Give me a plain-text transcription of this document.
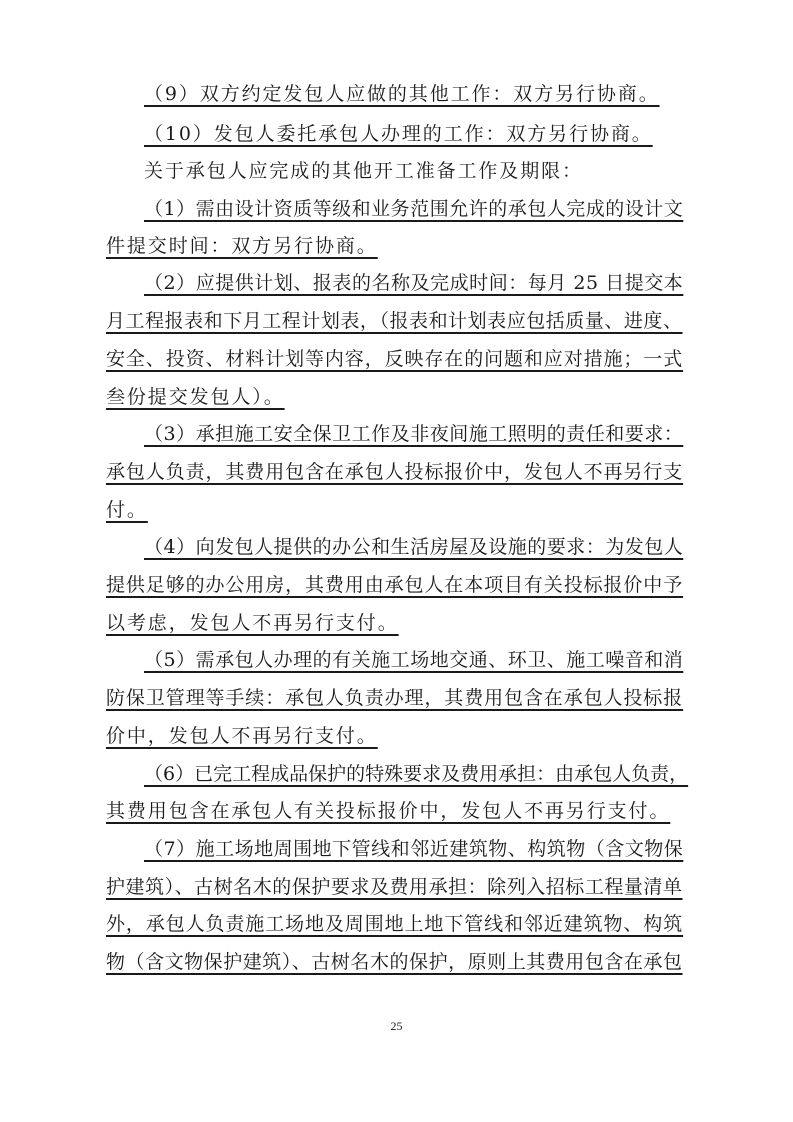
（9）双方约定发包人应做的其他工作：双方另行协商。
（10）发包人委托承包人办理的工作：双方另行协商。
关于承包人应完成的其他开工准备工作及期限：
（1）需由设计资质等级和业务范围允许的承包人完成的设计文
件提交时间：双方另行协商。
（2）应提供计划、报表的名称及完成时间：每月 25 日提交本
月工程报表和下月工程计划表，（报表和计划表应包括质量、进度、
安全、投资、材料计划等内容，反映存在的问题和应对措施；一式
叁份提交发包人）。
（3）承担施工安全保卫工作及非夜间施工照明的责任和要求：
承包人负责，其费用包含在承包人投标报价中，发包人不再另行支
付。
（4）向发包人提供的办公和生活房屋及设施的要求：为发包人
提供足够的办公用房，其费用由承包人在本项目有关投标报价中予
以考虑，发包人不再另行支付。
（5）需承包人办理的有关施工场地交通、环卫、施工噪音和消
防保卫管理等手续：承包人负责办理，其费用包含在承包人投标报
价中，发包人不再另行支付。
（6）已完工程成品保护的特殊要求及费用承担：由承包人负责，
其费用包含在承包人有关投标报价中，发包人不再另行支付。
（7）施工场地周围地下管线和邻近建筑物、构筑物（含文物保
护建筑）、古树名木的保护要求及费用承担：除列入招标工程量清单
外，承包人负责施工场地及周围地上地下管线和邻近建筑物、构筑
物（含文物保护建筑）、古树名木的保护，原则上其费用包含在承包
25
